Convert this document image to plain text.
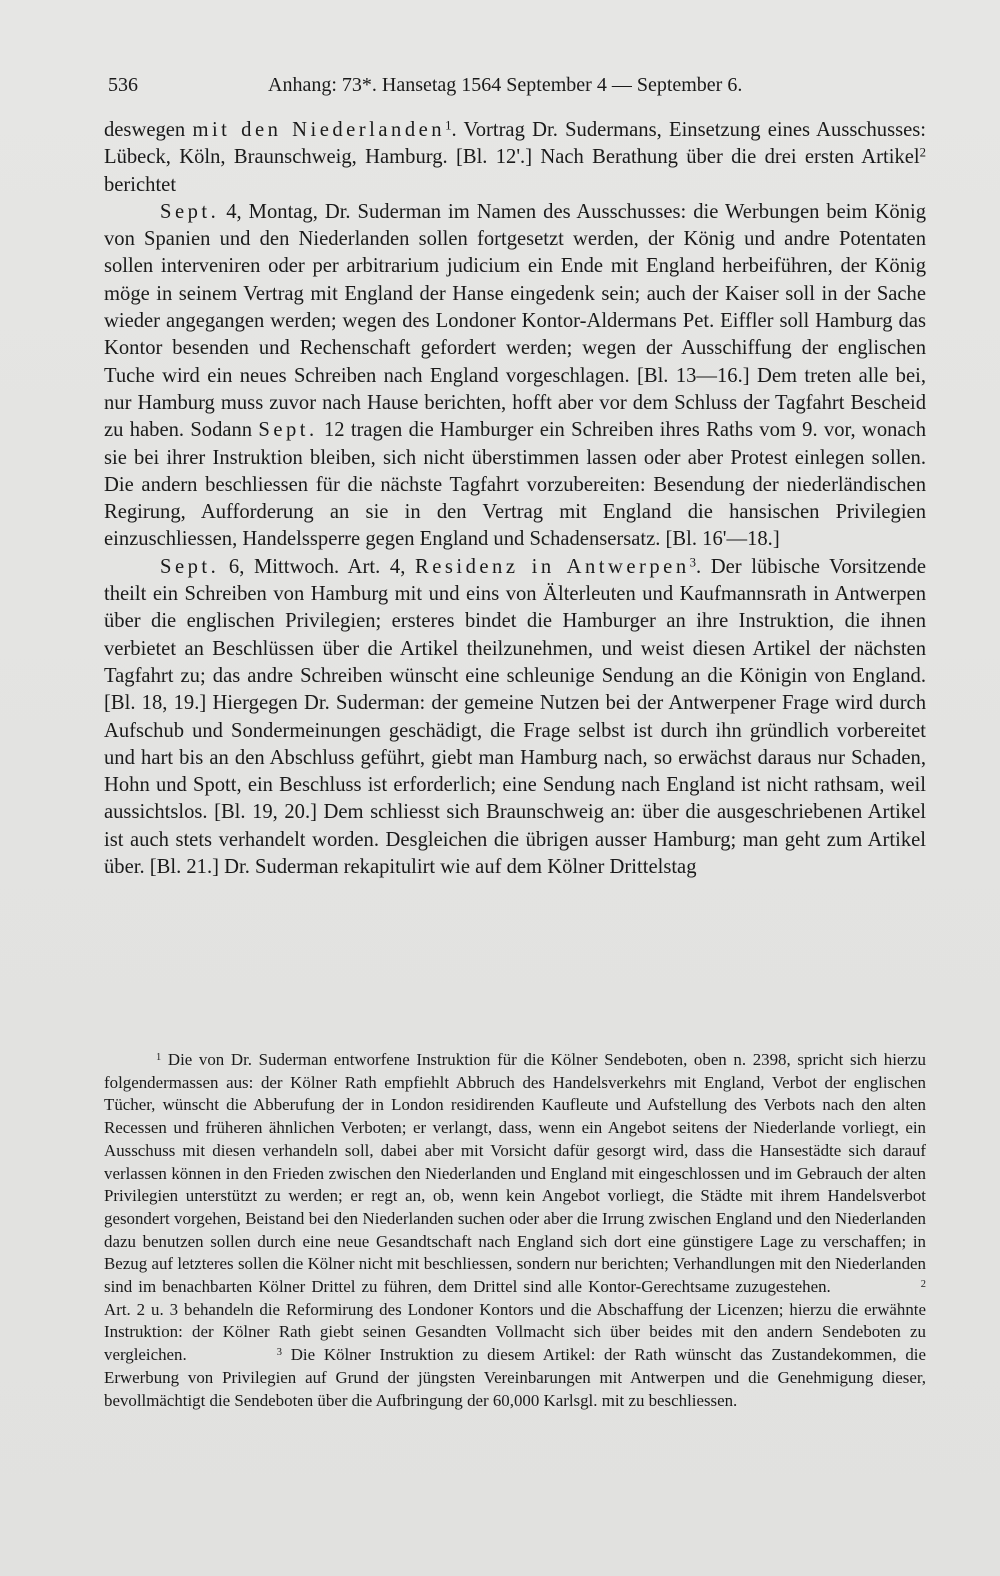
536	Anhang: 73*. Hansetag 1564 September 4 — September 6.

deswegen mit den Niederlanden$^1$. Vortrag Dr. Sudermans, Einsetzung eines Ausschusses: Lübeck, Köln, Braunschweig, Hamburg. [Bl. 12'.] Nach Berathung über die drei ersten Artikel$^2$ berichtet

Sept. 4, Montag, Dr. Suderman im Namen des Ausschusses: die Werbungen beim König von Spanien und den Niederlanden sollen fortgesetzt werden, der König und andre Potentaten sollen interveniren oder per arbitrarium judicium ein Ende mit England herbeiführen, der König möge in seinem Vertrag mit England der Hanse eingedenk sein; auch der Kaiser soll in der Sache wieder angegangen werden; wegen des Londoner Kontor-Aldermans Pet. Eiffler soll Hamburg das Kontor besenden und Rechenschaft gefordert werden; wegen der Ausschiffung der englischen Tuche wird ein neues Schreiben nach England vorgeschlagen. [Bl. 13—16.] Dem treten alle bei, nur Hamburg muss zuvor nach Hause berichten, hofft aber vor dem Schluss der Tagfahrt Bescheid zu haben. Sodann Sept. 12 tragen die Hamburger ein Schreiben ihres Raths vom 9. vor, wonach sie bei ihrer Instruktion bleiben, sich nicht überstimmen lassen oder aber Protest einlegen sollen. Die andern beschliessen für die nächste Tagfahrt vorzubereiten: Besendung der niederländischen Regirung, Aufforderung an sie in den Vertrag mit England die hansischen Privilegien einzuschliessen, Handelssperre gegen England und Schadensersatz. [Bl. 16'—18.]

Sept. 6, Mittwoch. Art. 4, Residenz in Antwerpen$^3$. Der lübische Vorsitzende theilt ein Schreiben von Hamburg mit und eins von Älterleuten und Kaufmannsrath in Antwerpen über die englischen Privilegien; ersteres bindet die Hamburger an ihre Instruktion, die ihnen verbietet an Beschlüssen über die Artikel theilzunehmen, und weist diesen Artikel der nächsten Tagfahrt zu; das andre Schreiben wünscht eine schleunige Sendung an die Königin von England. [Bl. 18, 19.] Hiergegen Dr. Suderman: der gemeine Nutzen bei der Antwerpener Frage wird durch Aufschub und Sondermeinungen geschädigt, die Frage selbst ist durch ihn gründlich vorbereitet und hart bis an den Abschluss geführt, giebt man Hamburg nach, so erwächst daraus nur Schaden, Hohn und Spott, ein Beschluss ist erforderlich; eine Sendung nach England ist nicht rathsam, weil aussichtslos. [Bl. 19, 20.] Dem schliesst sich Braunschweig an: über die ausgeschriebenen Artikel ist auch stets verhandelt worden. Desgleichen die übrigen ausser Hamburg; man geht zum Artikel über. [Bl. 21.] Dr. Suderman rekapitulirt wie auf dem Kölner Drittelstag

$^1$ Die von Dr. Suderman entworfene Instruktion für die Kölner Sendeboten, oben n. 2398, spricht sich hierzu folgendermassen aus: der Kölner Rath empfiehlt Abbruch des Handelsverkehrs mit England, Verbot der englischen Tücher, wünscht die Abberufung der in London residirenden Kaufleute und Aufstellung des Verbots nach den alten Recessen und früheren ähnlichen Verboten; er verlangt, dass, wenn ein Angebot seitens der Niederlande vorliegt, ein Ausschuss mit diesen verhandeln soll, dabei aber mit Vorsicht dafür gesorgt wird, dass die Hansestädte sich darauf verlassen können in den Frieden zwischen den Niederlanden und England mit eingeschlossen und im Gebrauch der alten Privilegien unterstützt zu werden; er regt an, ob, wenn kein Angebot vorliegt, die Städte mit ihrem Handelsverbot gesondert vorgehen, Beistand bei den Niederlanden suchen oder aber die Irrung zwischen England und den Niederlanden dazu benutzen sollen durch eine neue Gesandtschaft nach England sich dort eine günstigere Lage zu verschaffen; in Bezug auf letzteres sollen die Kölner nicht mit beschliessen, sondern nur berichten; Verhandlungen mit den Niederlanden sind im benachbarten Kölner Drittel zu führen, dem Drittel sind alle Kontor-Gerechtsame zuzugestehen.	$^2$ Art. 2 u. 3 behandeln die Reformirung des Londoner Kontors und die Abschaffung der Licenzen; hierzu die erwähnte Instruktion: der Kölner Rath giebt seinen Gesandten Vollmacht sich über beides mit den andern Sendeboten zu vergleichen.	$^3$ Die Kölner Instruktion zu diesem Artikel: der Rath wünscht das Zustandekommen, die Erwerbung von Privilegien auf Grund der jüngsten Vereinbarungen mit Antwerpen und die Genehmigung dieser, bevollmächtigt die Sendeboten über die Aufbringung der 60,000 Karlsgl. mit zu beschliessen.
